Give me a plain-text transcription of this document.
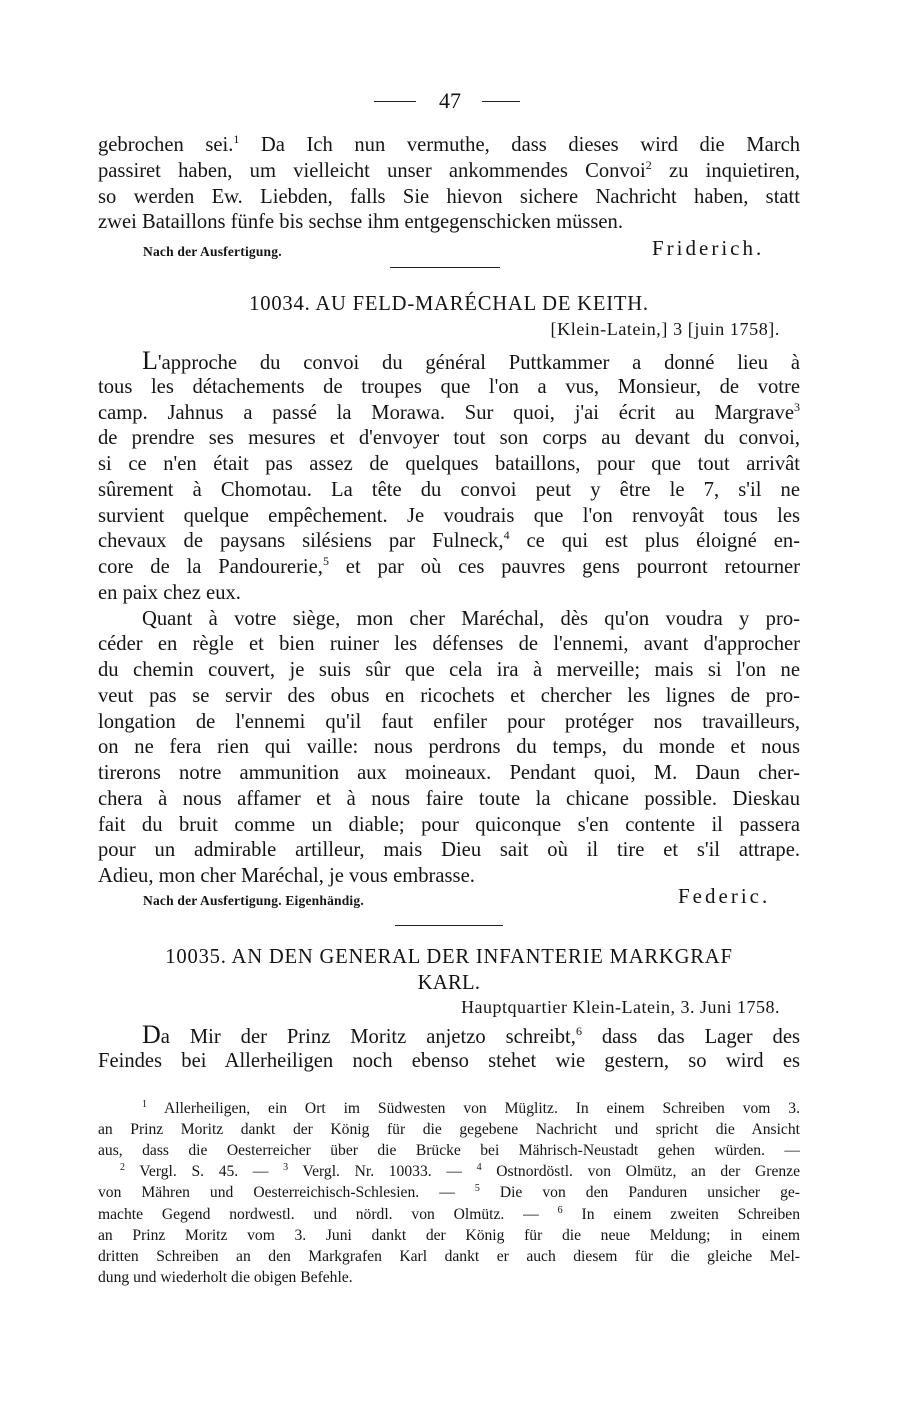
47
gebrochen sei.$^1$ Da Ich nun vermuthe, dass dieses wird die March
passiret haben, um vielleicht unser ankommendes Convoi$^2$ zu inquietiren,
so werden Ew. Liebden, falls Sie hievon sichere Nachricht haben, statt
zwei Bataillons fünfe bis sechse ihm entgegenschicken müssen.
Nach der Ausfertigung.	Friderich.
10034. AU FELD-MARÉCHAL DE KEITH.
[Klein-Latein,] 3 [juin 1758].
L'approche du convoi du général Puttkammer a donné lieu à
tous les détachements de troupes que l'on a vus, Monsieur, de votre
camp. Jahnus a passé la Morawa. Sur quoi, j'ai écrit au Margrave$^3$
de prendre ses mesures et d'envoyer tout son corps au devant du convoi,
si ce n'en était pas assez de quelques bataillons, pour que tout arrivât
sûrement à Chomotau. La tête du convoi peut y être le 7, s'il ne
survient quelque empêchement. Je voudrais que l'on renvoyât tous les
chevaux de paysans silésiens par Fulneck,$^4$ ce qui est plus éloigné en-
core de la Pandourerie,$^5$ et par où ces pauvres gens pourront retourner
en paix chez eux.
Quant à votre siège, mon cher Maréchal, dès qu'on voudra y pro-
céder en règle et bien ruiner les défenses de l'ennemi, avant d'approcher
du chemin couvert, je suis sûr que cela ira à merveille; mais si l'on ne
veut pas se servir des obus en ricochets et chercher les lignes de pro-
longation de l'ennemi qu'il faut enfiler pour protéger nos travailleurs,
on ne fera rien qui vaille: nous perdrons du temps, du monde et nous
tirerons notre ammunition aux moineaux. Pendant quoi, M. Daun cher-
chera à nous affamer et à nous faire toute la chicane possible. Dieskau
fait du bruit comme un diable; pour quiconque s'en contente il passera
pour un admirable artilleur, mais Dieu sait où il tire et s'il attrape.
Adieu, mon cher Maréchal, je vous embrasse.
Nach der Ausfertigung. Eigenhändig.	Federic.
10035. AN DEN GENERAL DER INFANTERIE MARKGRAF
KARL.
Hauptquartier Klein-Latein, 3. Juni 1758.
Da Mir der Prinz Moritz anjetzo schreibt,$^6$ dass das Lager des
Feindes bei Allerheiligen noch ebenso stehet wie gestern, so wird es
$^1$ Allerheiligen, ein Ort im Südwesten von Müglitz. In einem Schreiben vom 3.
an Prinz Moritz dankt der König für die gegebene Nachricht und spricht die Ansicht
aus, dass die Oesterreicher über die Brücke bei Mährisch-Neustadt gehen würden. —
$^2$ Vergl. S. 45. — $^3$ Vergl. Nr. 10033. — $^4$ Ostnordöstl. von Olmütz, an der Grenze
von Mähren und Oesterreichisch-Schlesien. — $^5$ Die von den Panduren unsicher ge-
machte Gegend nordwestl. und nördl. von Olmütz. — $^6$ In einem zweiten Schreiben
an Prinz Moritz vom 3. Juni dankt der König für die neue Meldung; in einem
dritten Schreiben an den Markgrafen Karl dankt er auch diesem für die gleiche Mel-
dung und wiederholt die obigen Befehle.
